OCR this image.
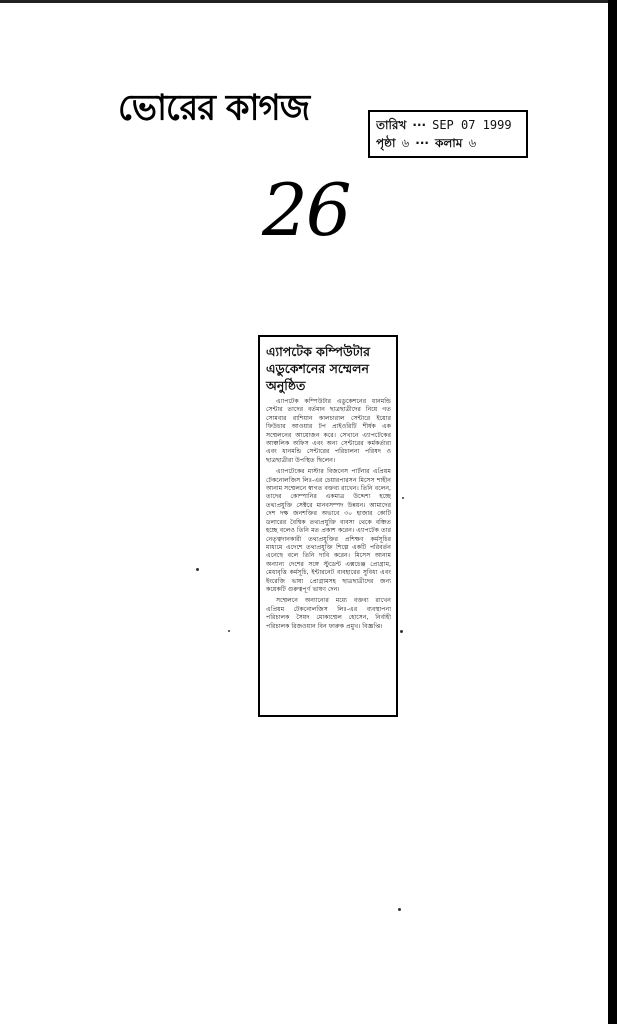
ভোরের কাগজ	তারিখ ··· SEP 07 1999
পৃষ্ঠা ৬ ··· কলাম ৬
26
এ্যাপটেক কম্পিউটার এডুকেশনের সম্মেলন অনুষ্ঠিত

এ্যাপটেক কম্পিউটার এডুকেশনের ধানমন্ডি সেন্টার তাদের বর্তমান ছাত্রছাত্রীদের নিয়ে গত সোমবার রাশিয়ান কালচারাল সেন্টারে ইয়োর ফিউচার আওয়ার টপ প্রাইওরিটি শীর্ষক এক সম্মেলনের আয়োজন করে। সেখানে এ্যাপটেকের আঞ্চলিক অফিস এবং অন্য সেন্টারের কর্মকর্তারা এবং ধানমন্ডি সেন্টারের পরিচালনা পরিষদ ও ছাত্রছাত্রীরা উপস্থিত ছিলেন।

এ্যাপটেকের মাস্টার বিজনেস পার্টনার এপ্রিয়ম টেকনোলজিস লিঃ-এর চেয়ারপারসন মিসেস শাহীন আনাম সম্মেলনে স্বাগত বক্তব্য রাখেন। তিনি বলেন, তাদের কোম্পানির একমাত্র উদ্দেশ্য হচ্ছে তথ্যপ্রযুক্তি সেক্টরে মানবসম্পদ উন্নয়ন। আমাদের দেশ দক্ষ জনশক্তির অভাবে ৩০ হাজার কোটি ডলারের বৈশ্বিক তথ্যপ্রযুক্তি ব্যবসা থেকে বঞ্চিত হচ্ছে বলেও তিনি মত প্রকাশ করেন। এ্যাপটেক তার নেতৃত্বদানকারী তথ্যপ্রযুক্তির প্রশিক্ষণ কর্মসূচির মাধ্যমে এদেশে তথ্যপ্রযুক্তি শিল্পে একটি পরিবর্তন এনেছে বলে তিনি দাবি করেন। মিসেস আনাম অন্যান্য দেশের সঙ্গে স্টুডেন্ট এক্সচেঞ্জ প্রোগ্রাম, মেধাবৃত্তি কর্মসূচি, ইন্টারনেট ব্যবহারের সুবিধা এবং ইংরেজি ভাষা প্রোগ্রামসহ ছাত্রছাত্রীদের জন্য কয়েকটি গুরুত্বপূর্ণ ভাষণ দেন।

সম্মেলনে অন্যান্যের মধ্যে বক্তব্য রাখেন এপ্রিয়ম টেকনোলজিস লিঃ-এর ব্যবস্থাপনা পরিচালক সৈয়দ মোকাম্মেল হোসেন, নির্বাহী পরিচালক রিজওয়ান বিন ফারুক প্রমুখ। বিজ্ঞপ্তি।
